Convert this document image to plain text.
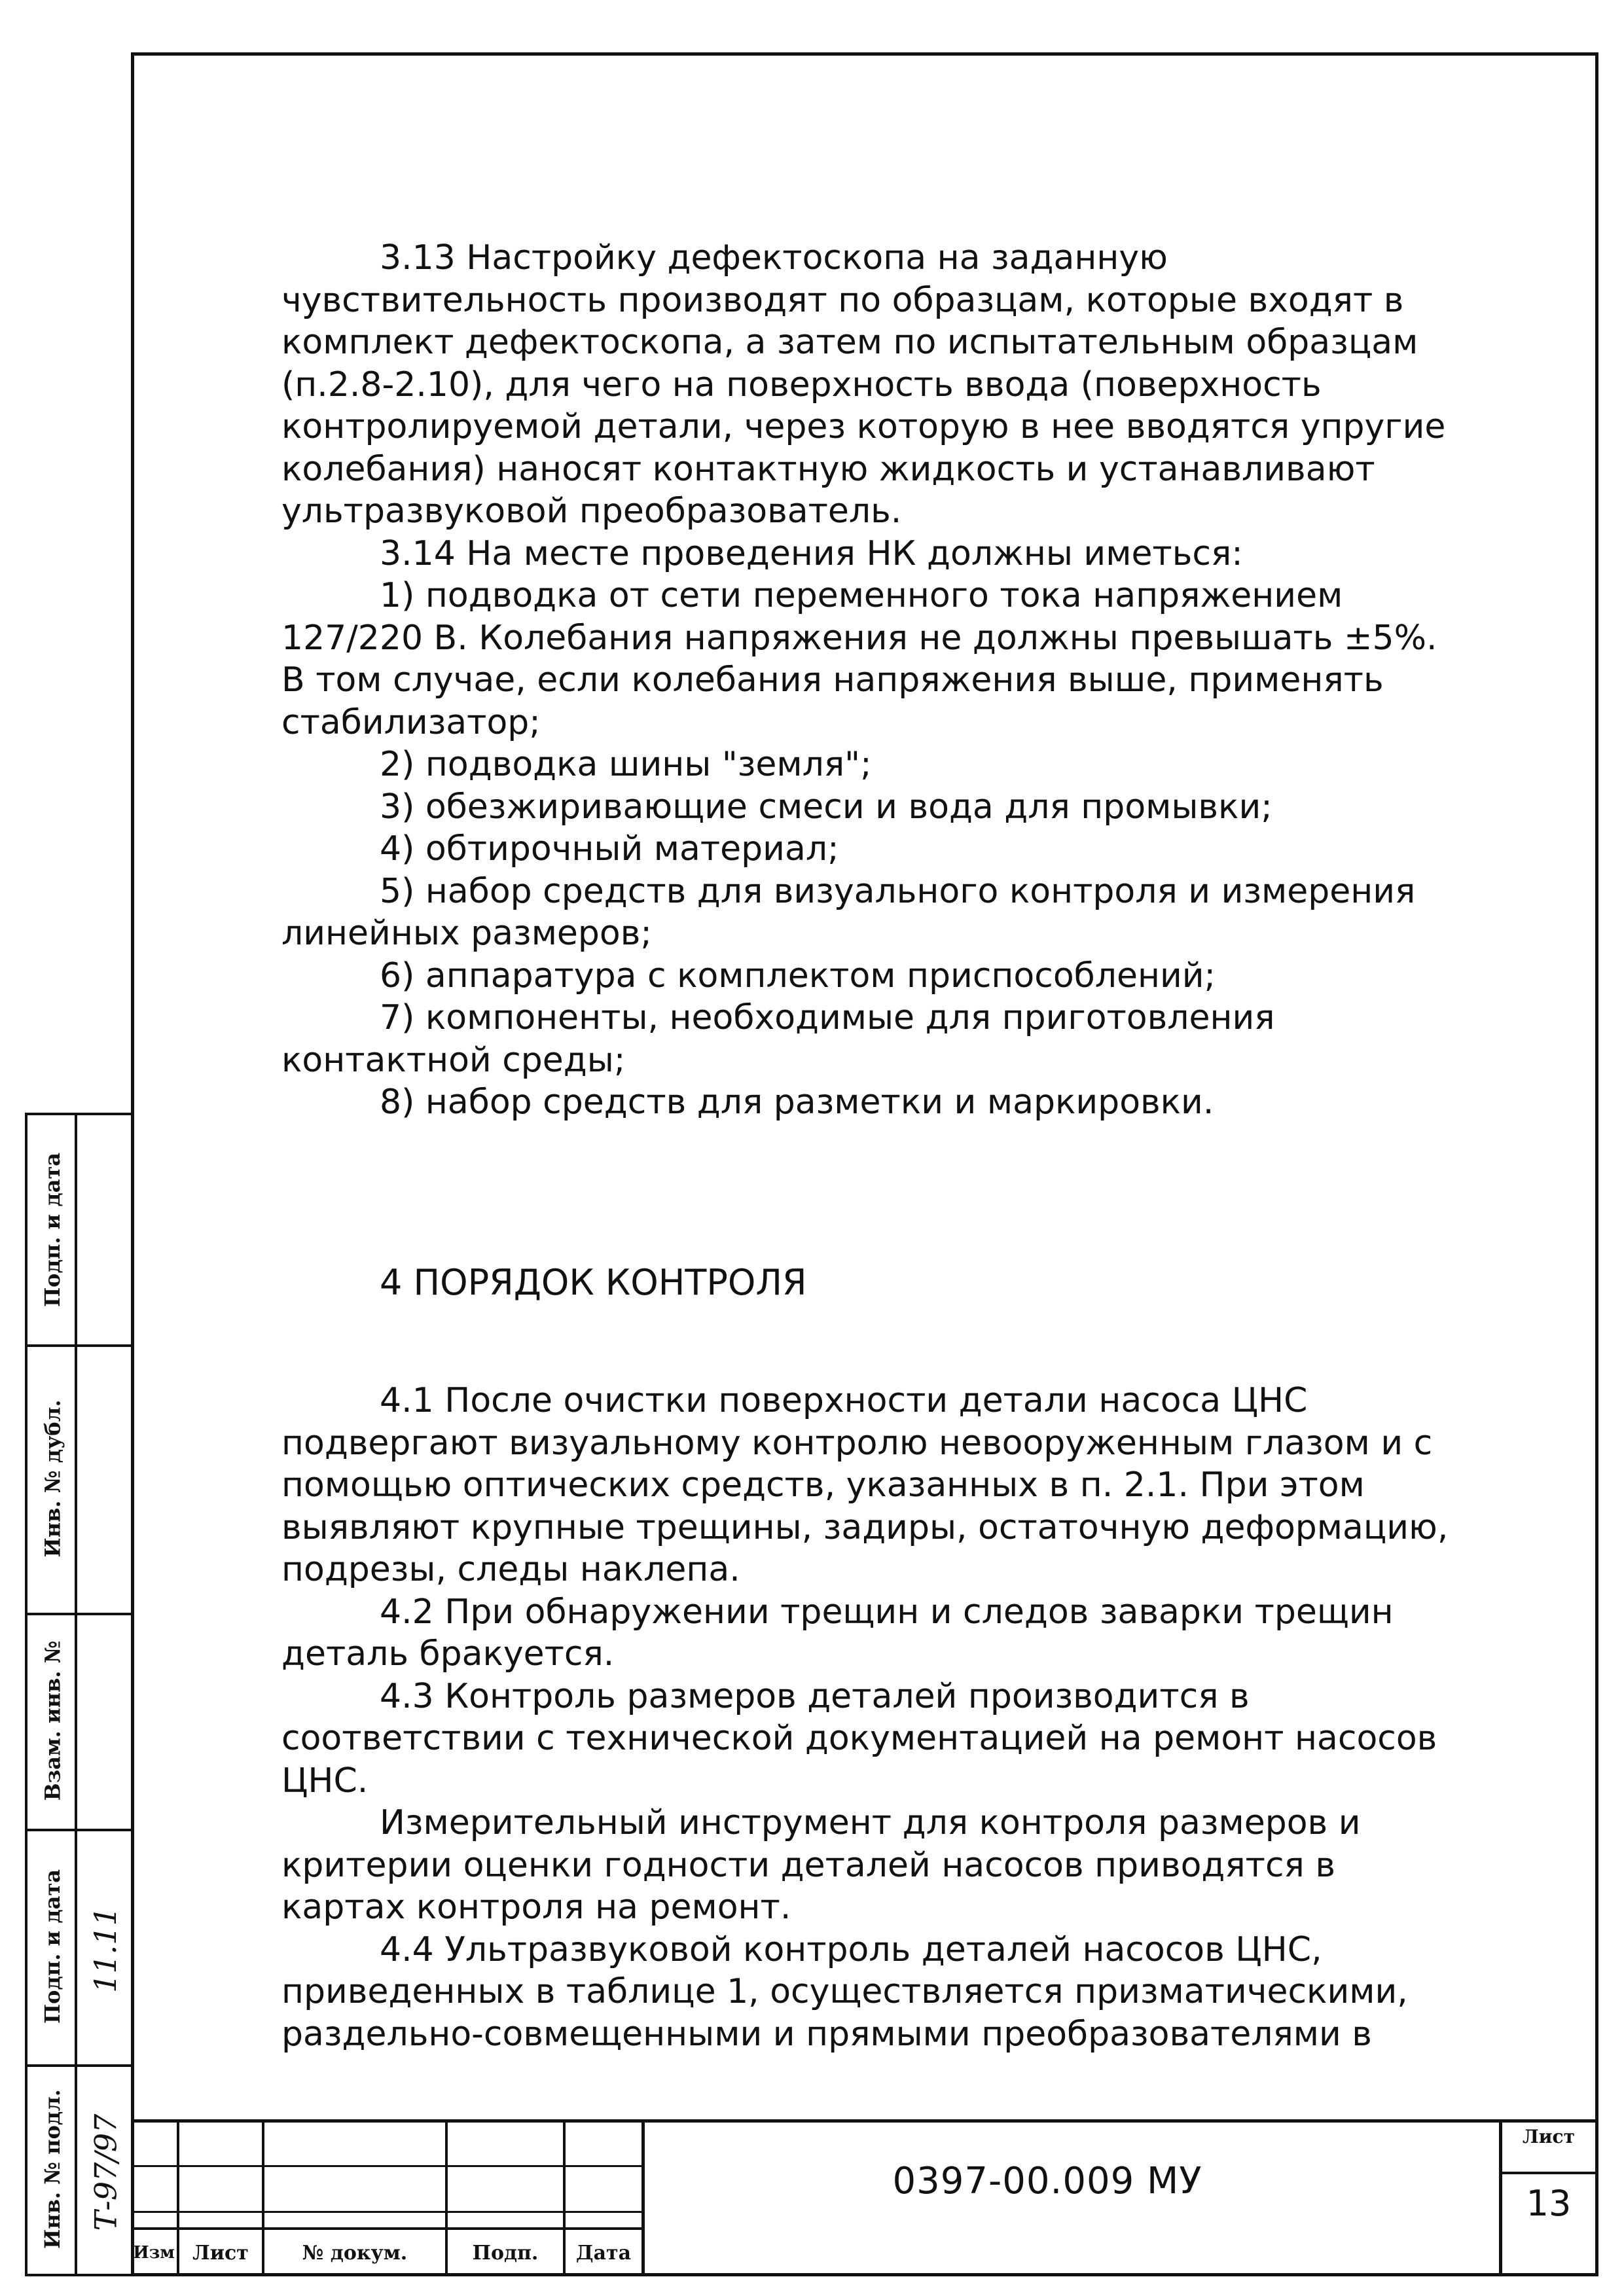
3.13 Настройку дефектоскопа на заданную

чувствительность производят по образцам, которые входят в комплект дефектоскопа, а затем по испытательным образцам (п.2.8-2.10), для чего на поверхность ввода (поверхность контролируемой детали, через которую в нее вводятся упругие колебания) наносят контактную жидкость и устанавливают ультразвуковой преобразователь.

3.14 На месте проведения НК должны иметься:

1) подводка от сети переменного тока напряжением 127/220 В. Колебания напряжения не должны превышать ±5%. В том случае, если колебания напряжения выше, применять стабилизатор;

2) подводка шины "земля";

3) обезжиривающие смеси и вода для промывки;

4) обтирочный материал;

5) набор средств для визуального контроля и измерения линейных размеров;

6) аппаратура с комплектом приспособлений;

7) компоненты, необходимые для приготовления контактной среды;

8) набор средств для разметки и маркировки.

4 ПОРЯДОК КОНТРОЛЯ

4.1 После очистки поверхности детали насоса ЦНС подвергают визуальному контролю невооруженным глазом и с помощью оптических средств, указанных в п. 2.1. При этом выявляют крупные трещины, задиры, остаточную деформацию, подрезы, следы наклепа.

4.2 При обнаружении трещин и следов заварки трещин деталь бракуется.

4.3 Контроль размеров деталей производится в соответствии с технической документацией на ремонт насосов ЦНС.

Измерительный инструмент для контроля размеров и критерии оценки годности деталей насосов приводятся в картах контроля на ремонт.

4.4 Ультразвуковой контроль деталей насосов ЦНС, приведенных в таблице 1, осуществляется призматическими, раздельно-совмещенными и прямыми преобразователями в

Подп. и дата
Инв. № дубл.
Взам. инв. №
Подп. и дата
Инв. № подл.
11.11
Т-97/97
Изм Лист	№ докум.	Подп.	Дата
0397-00.009 МУ
Лист
13
